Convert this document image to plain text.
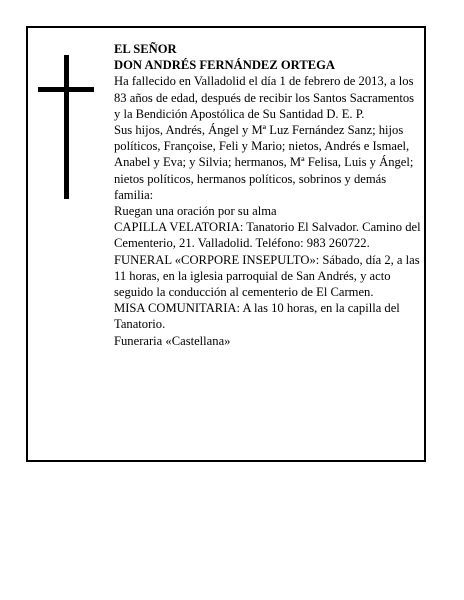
EL SEÑOR

DON ANDRÉS FERNÁNDEZ ORTEGA

Ha fallecido en Valladolid el día 1 de febrero de 2013, a los 83 años de edad, después de recibir los Santos Sacramentos y la Bendición Apostólica de Su Santidad D. E. P.

Sus hijos, Andrés, Ángel y Mª Luz Fernández Sanz; hijos políticos, Françoise, Feli y Mario; nietos, Andrés e Ismael, Anabel y Eva; y Silvia; hermanos, Mª Felisa, Luis y Ángel; nietos políticos, hermanos políticos, sobrinos y demás familia:

Ruegan una oración por su alma

CAPILLA VELATORIA: Tanatorio El Salvador. Camino del Cementerio, 21. Valladolid. Teléfono: 983 260722.

FUNERAL «CORPORE INSEPULTO»: Sábado, día 2, a las 11 horas, en la iglesia parroquial de San Andrés, y acto seguido la conducción al cementerio de El Carmen.

MISA COMUNITARIA: A las 10 horas, en la capilla del Tanatorio.

Funeraria «Castellana»
